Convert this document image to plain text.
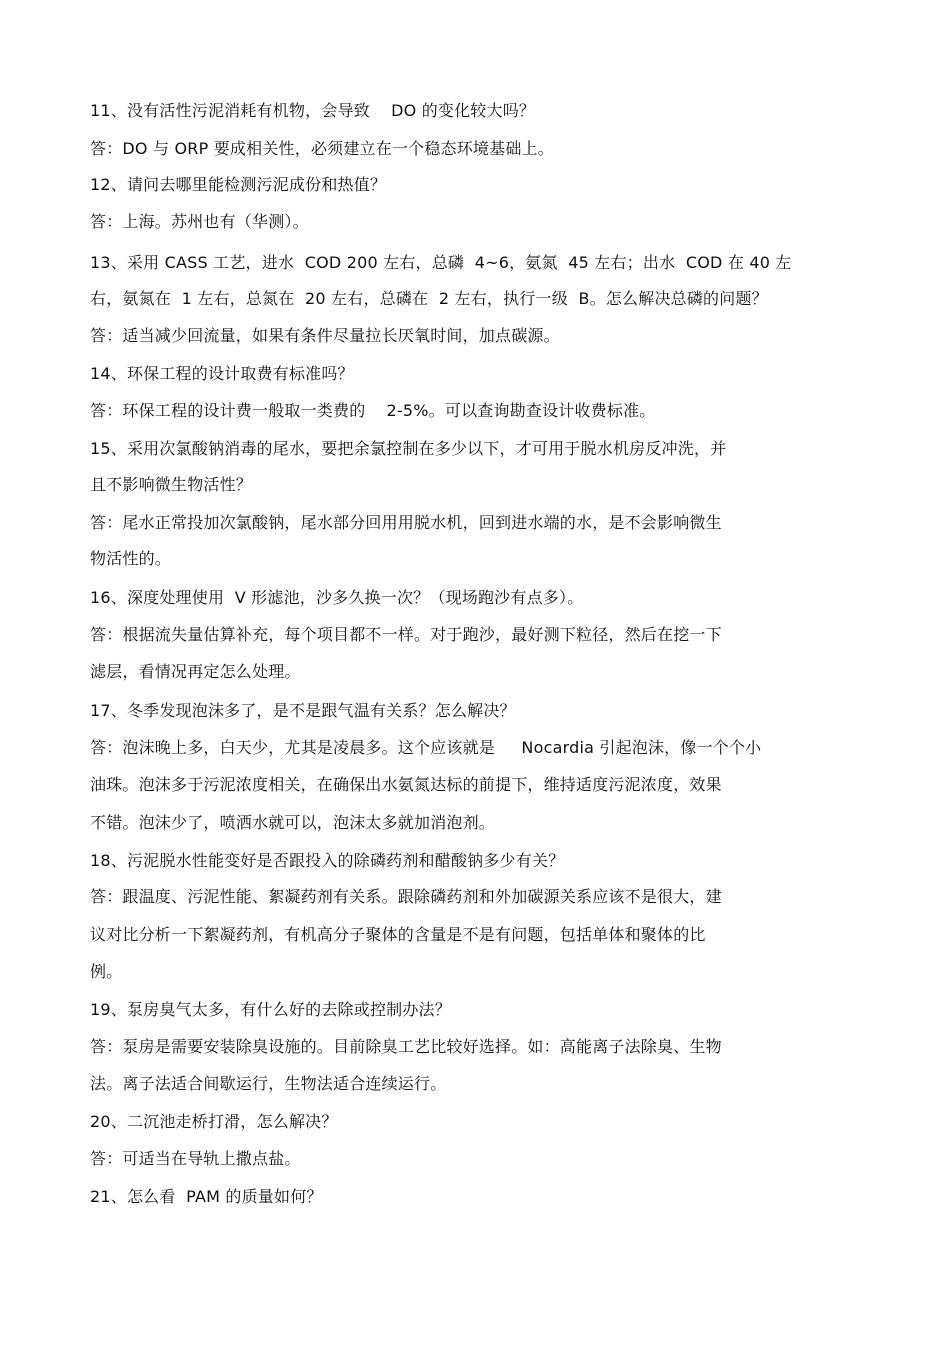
11、没有活性污泥消耗有机物，会导致    DO 的变化较大吗？
答：DO 与 ORP 要成相关性，必须建立在一个稳态环境基础上。
12、请问去哪里能检测污泥成份和热值？
答：上海。苏州也有（华测）。
13、采用 CASS 工艺，进水  COD 200 左右，总磷  4~6，氨氮  45 左右；出水  COD 在 40 左
右，氨氮在  1 左右，总氮在  20 左右，总磷在  2 左右，执行一级  B。怎么解决总磷的问题？
答：适当减少回流量，如果有条件尽量拉长厌氧时间，加点碳源。
14、环保工程的设计取费有标准吗？
答：环保工程的设计费一般取一类费的    2-5%。可以查询勘查设计收费标准。
15、采用次氯酸钠消毒的尾水，要把余氯控制在多少以下，才可用于脱水机房反冲洗，并
且不影响微生物活性？
答：尾水正常投加次氯酸钠，尾水部分回用用脱水机，回到进水端的水，是不会影响微生
物活性的。
16、深度处理使用  V 形滤池，沙多久换一次？（现场跑沙有点多）。
答：根据流失量估算补充，每个项目都不一样。对于跑沙，最好测下粒径，然后在挖一下
滤层，看情况再定怎么处理。
17、冬季发现泡沫多了，是不是跟气温有关系？怎么解决？
答：泡沫晚上多，白天少，尤其是凌晨多。这个应该就是     Nocardia 引起泡沫，像一个个小
油珠。泡沫多于污泥浓度相关，在确保出水氨氮达标的前提下，维持适度污泥浓度，效果
不错。泡沫少了，喷洒水就可以，泡沫太多就加消泡剂。
18、污泥脱水性能变好是否跟投入的除磷药剂和醋酸钠多少有关？
答：跟温度、污泥性能、絮凝药剂有关系。跟除磷药剂和外加碳源关系应该不是很大，建
议对比分析一下絮凝药剂，有机高分子聚体的含量是不是有问题，包括单体和聚体的比
例。
19、泵房臭气太多，有什么好的去除或控制办法？
答：泵房是需要安装除臭设施的。目前除臭工艺比较好选择。如：高能离子法除臭、生物
法。离子法适合间歇运行，生物法适合连续运行。
20、二沉池走桥打滑，怎么解决？
答：可适当在导轨上撒点盐。
21、怎么看  PAM 的质量如何？
